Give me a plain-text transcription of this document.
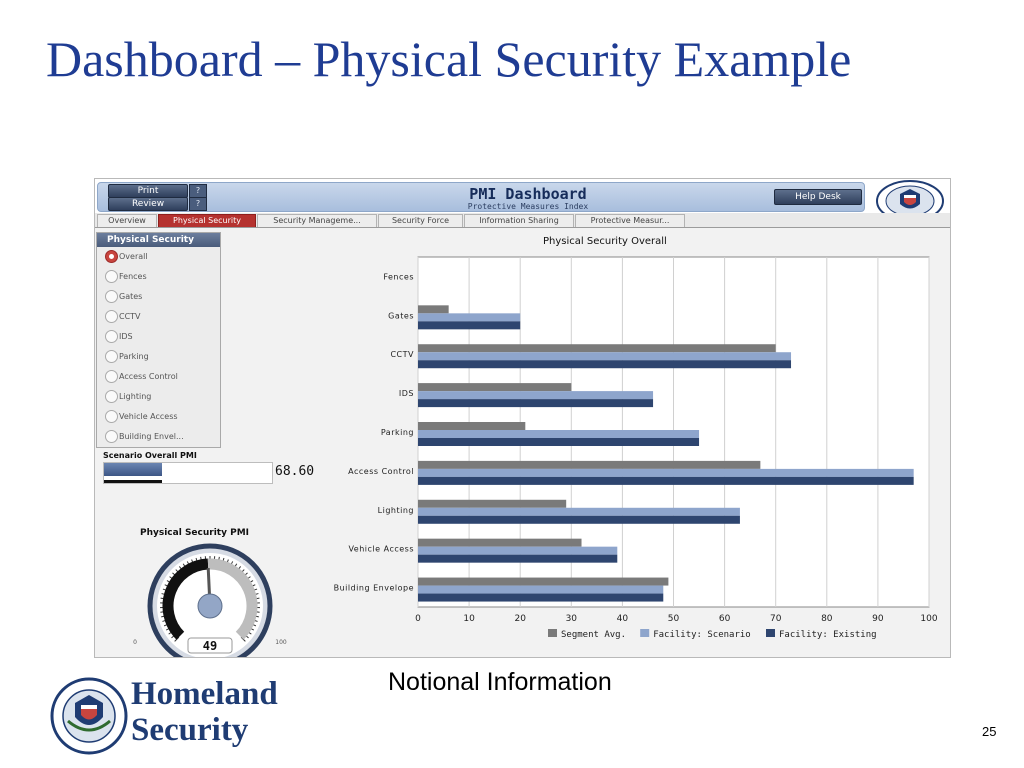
Dashboard – Physical Security Example
Print	?
Review	?
PMI Dashboard
Protective Measures Index
Help Desk
Overview	Physical Security	Security Manageme...	Security Force	Information Sharing	Protective Measur...
Physical Security
Overall
Fences
Gates
CCTV
IDS
Parking
Access Control
Lighting
Vehicle Access
Building Envel...
Scenario Overall PMI
68.60
Physical Security PMI
49
0	100
Physical Security Overall
0	10	20	30	40	50	60	70	80	90	100
Fences
Gates
CCTV
IDS
Parking
Access Control
Lighting
Vehicle Access
Building Envelope
Segment Avg.	Facility: Scenario	Facility: Existing
Notional Information
Homeland
Security	25
